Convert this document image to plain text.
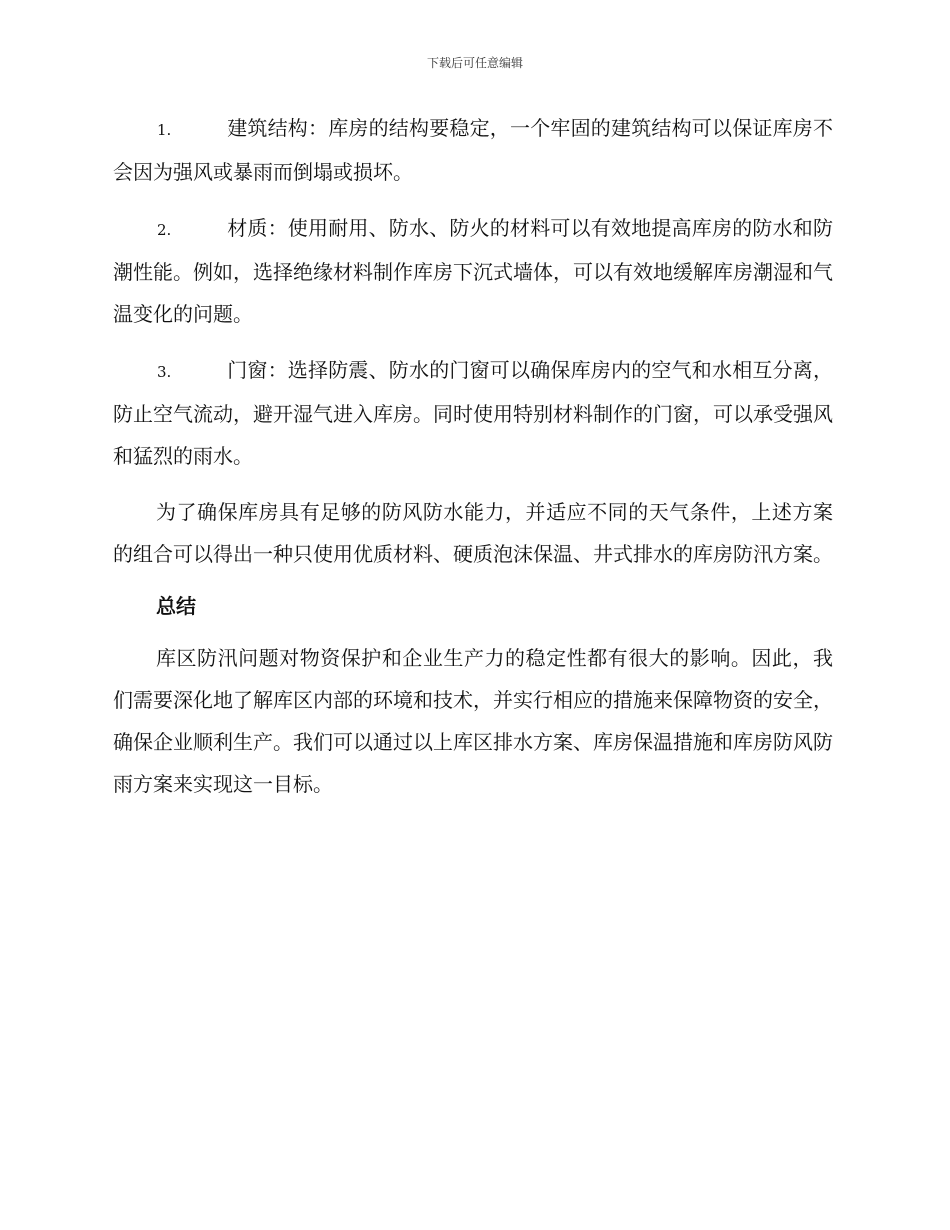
下载后可任意编辑

1.	建筑结构：库房的结构要稳定，一个牢固的建筑结构可以保证库房不会因为强风或暴雨而倒塌或损坏。

2.	材质：使用耐用、防水、防火的材料可以有效地提高库房的防水和防潮性能。例如，选择绝缘材料制作库房下沉式墙体，可以有效地缓解库房潮湿和气温变化的问题。

3.	门窗：选择防震、防水的门窗可以确保库房内的空气和水相互分离，防止空气流动，避开湿气进入库房。同时使用特别材料制作的门窗，可以承受强风和猛烈的雨水。

为了确保库房具有足够的防风防水能力，并适应不同的天气条件，上述方案的组合可以得出一种只使用优质材料、硬质泡沫保温、井式排水的库房防汛方案。

总结

库区防汛问题对物资保护和企业生产力的稳定性都有很大的影响。因此，我们需要深化地了解库区内部的环境和技术，并实行相应的措施来保障物资的安全，确保企业顺利生产。我们可以通过以上库区排水方案、库房保温措施和库房防风防雨方案来实现这一目标。
